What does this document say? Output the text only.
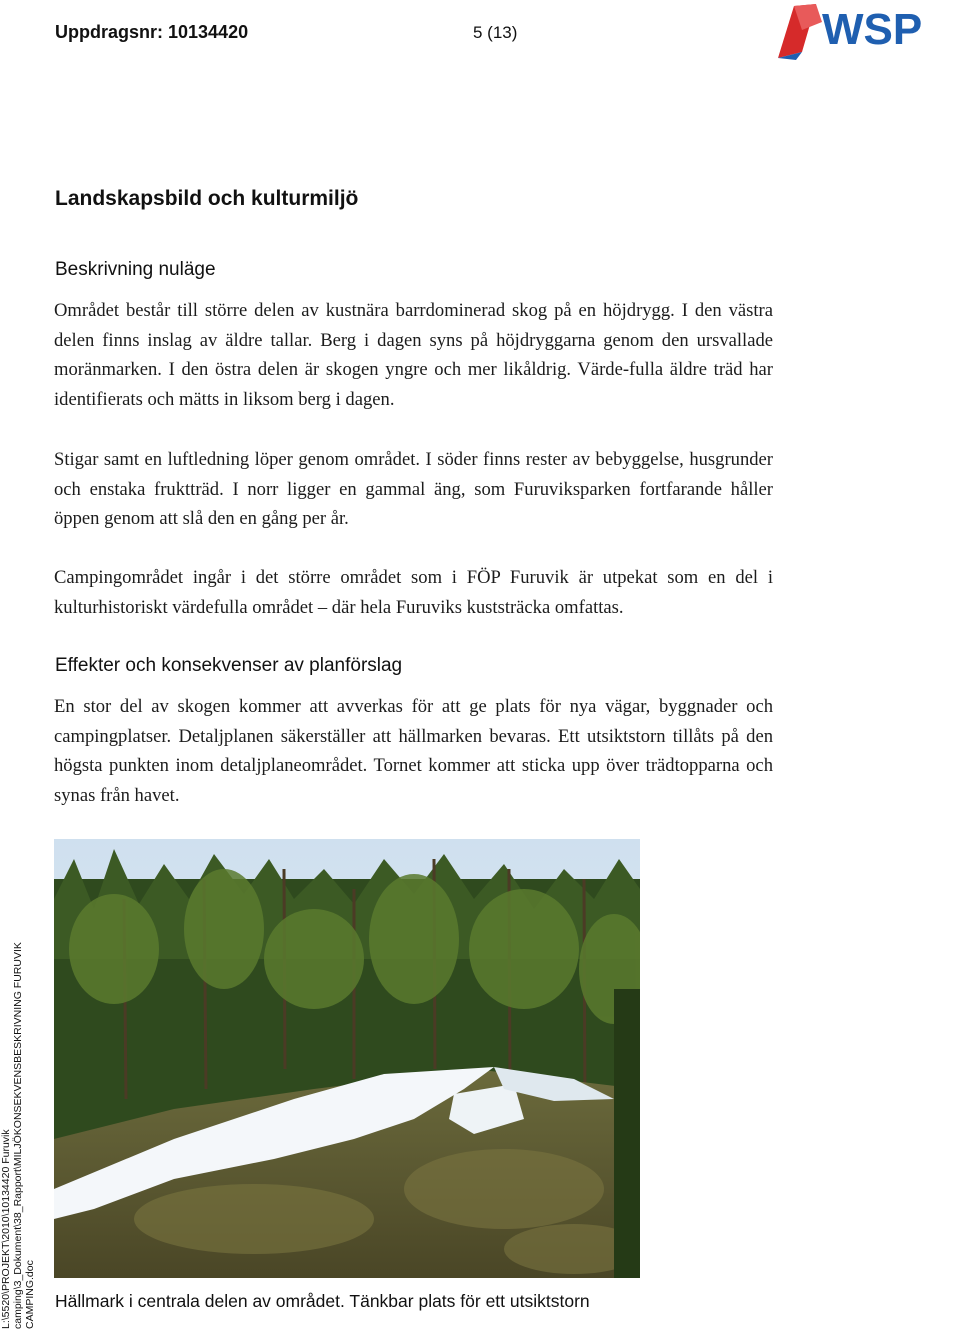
Uppdragsnr: 10134420	5 (13)	WSP
Landskapsbild och kulturmiljö
Beskrivning nuläge
Området består till större delen av kustnära barrdominerad skog på en höjdrygg. I den västra delen finns inslag av äldre tallar. Berg i dagen syns på höjdryggarna genom den ursvallade moränmarken. I den östra delen är skogen yngre och mer likåldrig. Värde-fulla äldre träd har identifierats och mätts in liksom berg i dagen.
Stigar samt en luftledning löper genom området. I söder finns rester av bebyggelse, husgrunder och enstaka fruktträd. I norr ligger en gammal äng, som Furuviksparken fortfarande håller öppen genom att slå den en gång per år.
Campingområdet ingår i det större området som i FÖP Furuvik är utpekat som en del i kulturhistoriskt värdefulla området – där hela Furuviks kuststräcka omfattas.
Effekter och konsekvenser av planförslag
En stor del av skogen kommer att avverkas för att ge plats för nya vägar, byggnader och campingplatser. Detaljplanen säkerställer att hällmarken bevaras. Ett utsiktstorn tillåts på den högsta punkten inom detaljplaneområdet. Tornet kommer att sticka upp över trädtopparna och synas från havet.
Hällmark i centrala delen av området. Tänkbar plats för ett utsiktstorn
L:\5520\PROJEKT\2010\10134420 Furuvik camping\3_Dokument\38_Rapport\MILJÖKONSEKVENSBESKRIVNING FURUVIK CAMPING.doc
